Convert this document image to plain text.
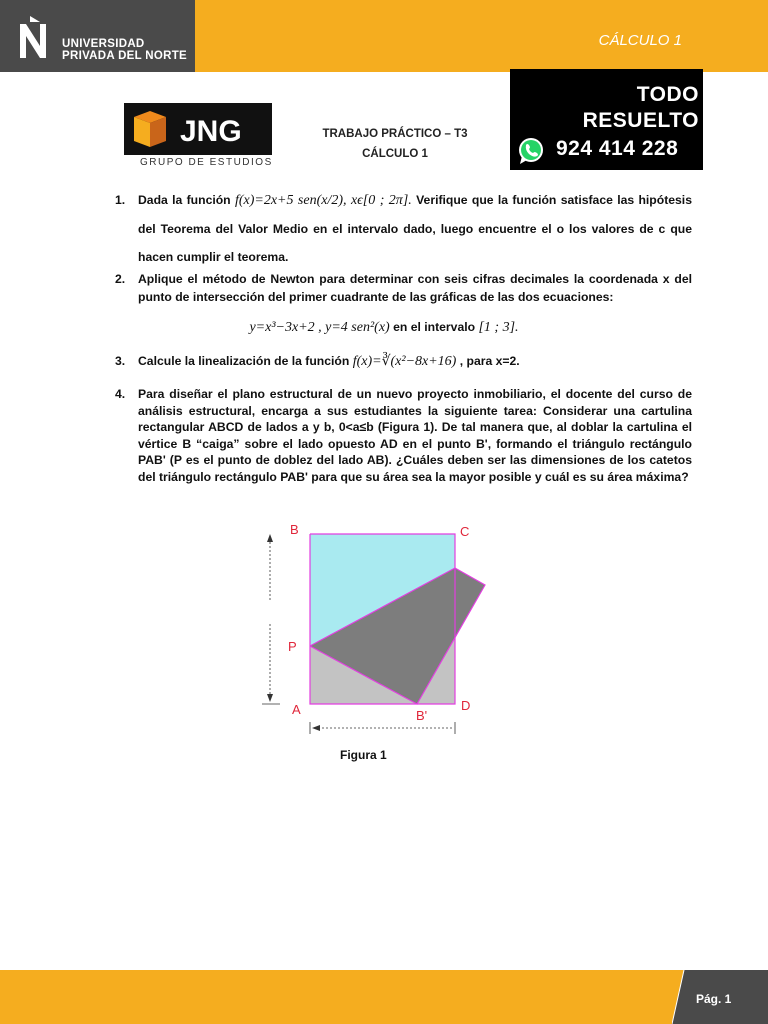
UNIVERSIDAD
PRIVADA DEL NORTE
CÁLCULO 1
TODO
RESUELTO
924 414 228
JNG
GRUPO DE ESTUDIOS
TRABAJO PRÁCTICO – T3
CÁLCULO 1
1. Dada la función f(x)=2x+5 sen(x/2), xϵ[0 ; 2π]. Verifique que la función satisface las hipótesis del Teorema del Valor Medio en el intervalo dado, luego encuentre el o los valores de c que hacen cumplir el teorema.
2. Aplique el método de Newton para determinar con seis cifras decimales la coordenada x del punto de intersección del primer cuadrante de las gráficas de las dos ecuaciones:
y=x³−3x+2 , y=4 sen²(x) en el intervalo [1 ; 3].
3. Calcule la linealización de la función f(x)=∛(x²−8x+16) , para x=2.
4. Para diseñar el plano estructural de un nuevo proyecto inmobiliario, el docente del curso de análisis estructural, encarga a sus estudiantes la siguiente tarea: Considerar una cartulina rectangular ABCD de lados a y b, 0<a≤b (Figura 1). De tal manera que, al doblar la cartulina el vértice B “caiga” sobre el lado opuesto AD en el punto B', formando el triángulo rectángulo PAB' (P es el punto de doblez del lado AB). ¿Cuáles deben ser las dimensiones de los catetos del triángulo rectángulo PAB' para que su área sea la mayor posible y cuál es su área máxima?
B	C
P
A	B'
D
Figura 1
Pág. 1
